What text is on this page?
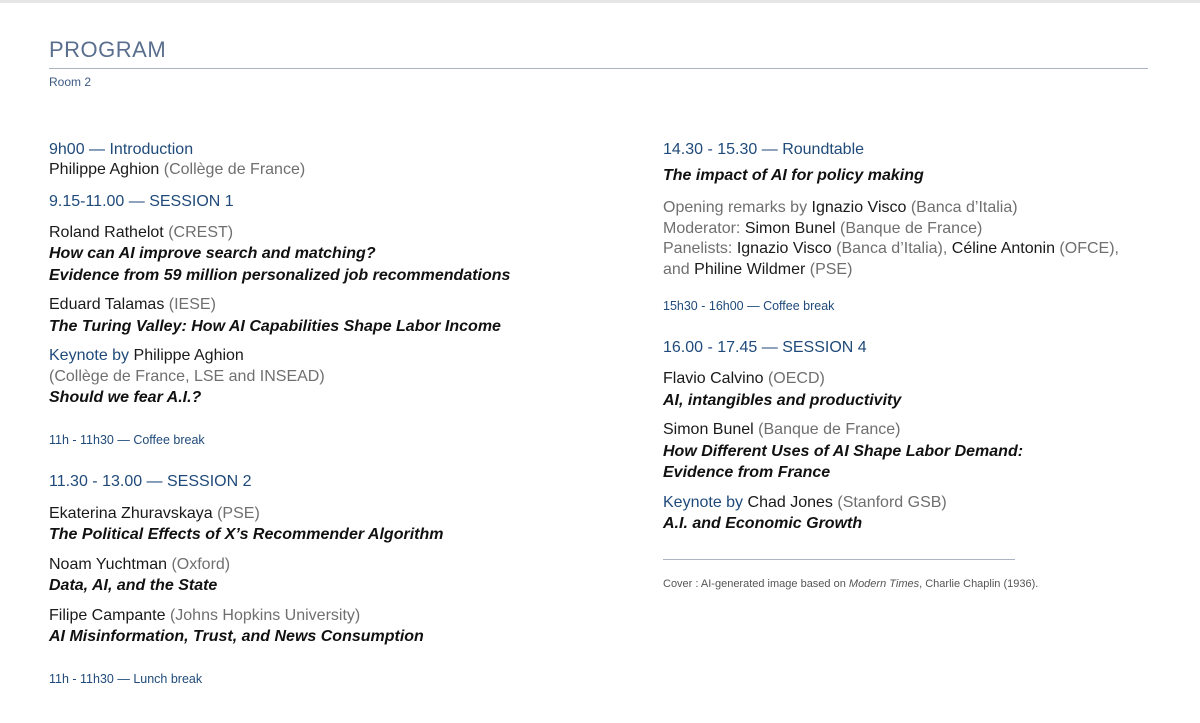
PROGRAM
Room 2
9h00 — Introduction
Philippe Aghion (Collège de France)
9.15-11.00 — SESSION 1
Roland Rathelot (CREST)
How can AI improve search and matching?
Evidence from 59 million personalized job recommendations
Eduard Talamas (IESE)
The Turing Valley: How AI Capabilities Shape Labor Income
Keynote by Philippe Aghion
(Collège de France, LSE and INSEAD)
Should we fear A.I.?
11h - 11h30 — Coffee break
11.30 - 13.00 — SESSION 2
Ekaterina Zhuravskaya (PSE)
The Political Effects of X’s Recommender Algorithm
Noam Yuchtman (Oxford)
Data, AI, and the State
Filipe Campante (Johns Hopkins University)
AI Misinformation, Trust, and News Consumption
11h - 11h30 — Lunch break
14.30 - 15.30 — Roundtable
The impact of AI for policy making
Opening remarks by Ignazio Visco (Banca d’Italia)
Moderator: Simon Bunel (Banque de France)
Panelists: Ignazio Visco (Banca d’Italia), Céline Antonin (OFCE),
and Philine Wildmer (PSE)
15h30 - 16h00 — Coffee break
16.00 - 17.45 — SESSION 4
Flavio Calvino (OECD)
AI, intangibles and productivity
Simon Bunel (Banque de France)
How Different Uses of AI Shape Labor Demand:
Evidence from France
Keynote by Chad Jones (Stanford GSB)
A.I. and Economic Growth
Cover : AI-generated image based on Modern Times, Charlie Chaplin (1936).
